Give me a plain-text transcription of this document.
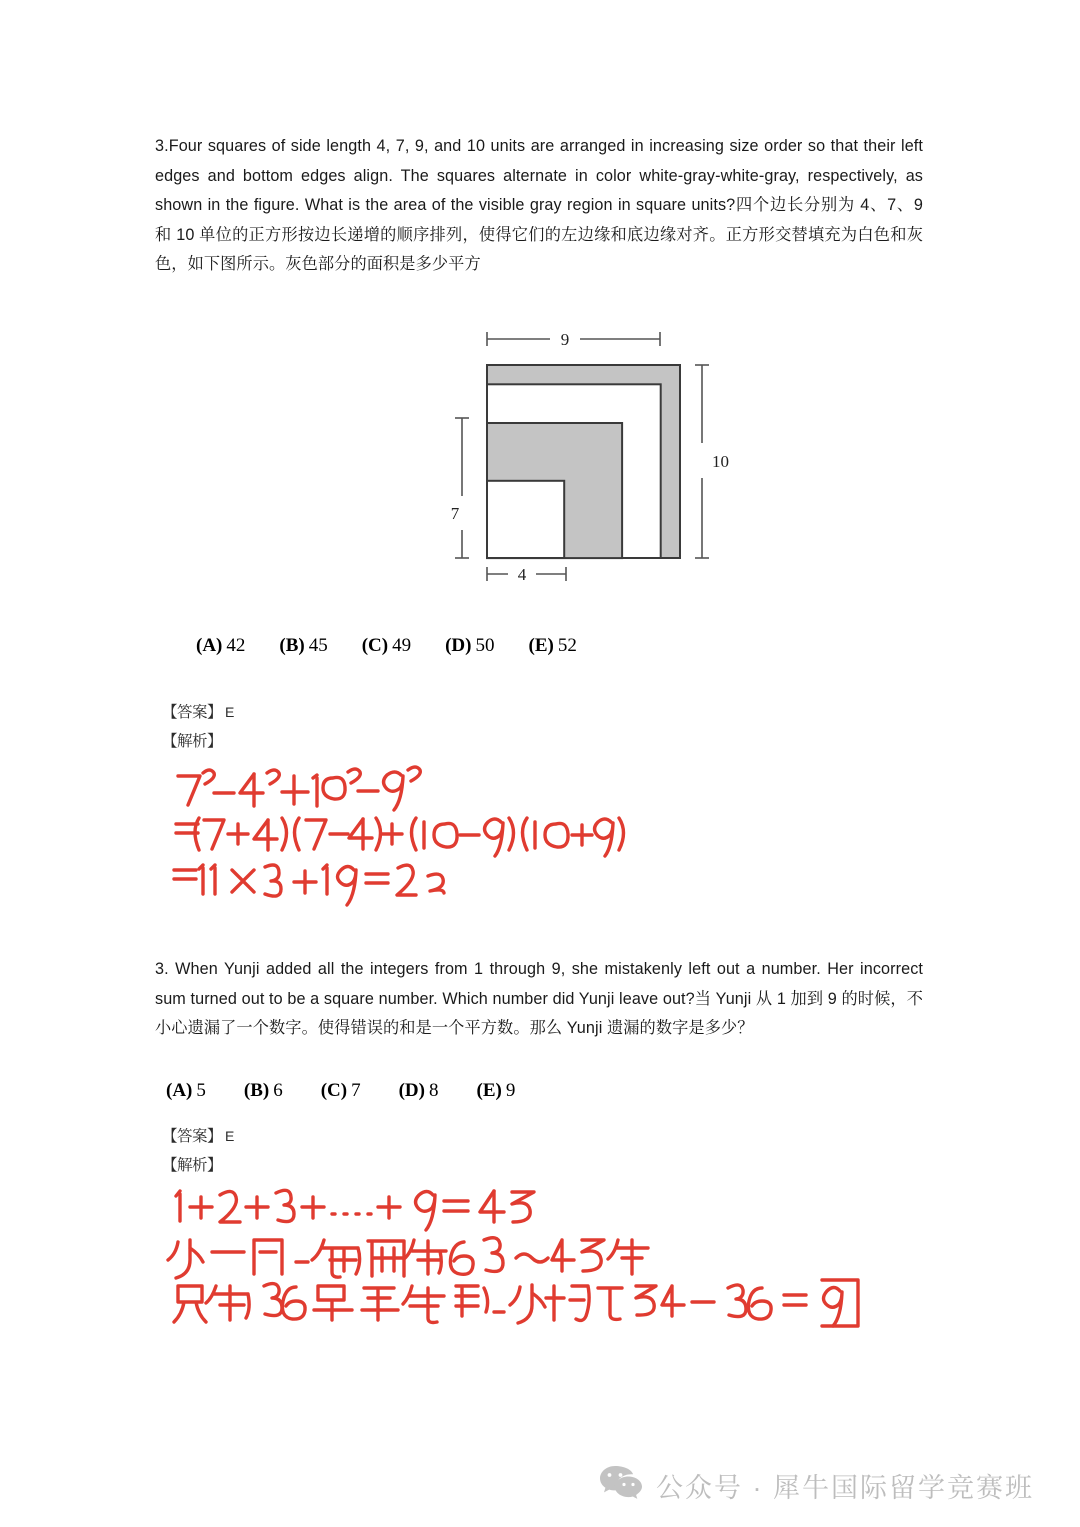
3.Four squares of side length 4, 7, 9, and 10 units are arranged in increasing size order so that their left edges and bottom edges align. The squares alternate in color white-gray-white-gray, respectively, as shown in the figure. What is the area of the visible gray region in square units?四个边长分别为 4、7、9 和 10 单位的正方形按边长递增的顺序排列，使得它们的左边缘和底边缘对齐。正方形交替填充为白色和灰色，如下图所示。灰色部分的面积是多少平方
9
10
7
4
(A) 42 (B) 45 (C) 49 (D) 50 (E) 52
【答案】 E
【解析】
3. When Yunji added all the integers from 1 through 9, she mistakenly left out a number. Her incorrect sum turned out to be a square number. Which number did Yunji leave out?当 Yunji 从 1 加到 9 的时候，不小心遗漏了一个数字。使得错误的和是一个平方数。那么 Yunji 遗漏的数字是多少？
(A) 5 (B) 6 (C) 7 (D) 8 (E) 9
【答案】 E
【解析】
公众号 · 犀牛国际留学竞赛班
